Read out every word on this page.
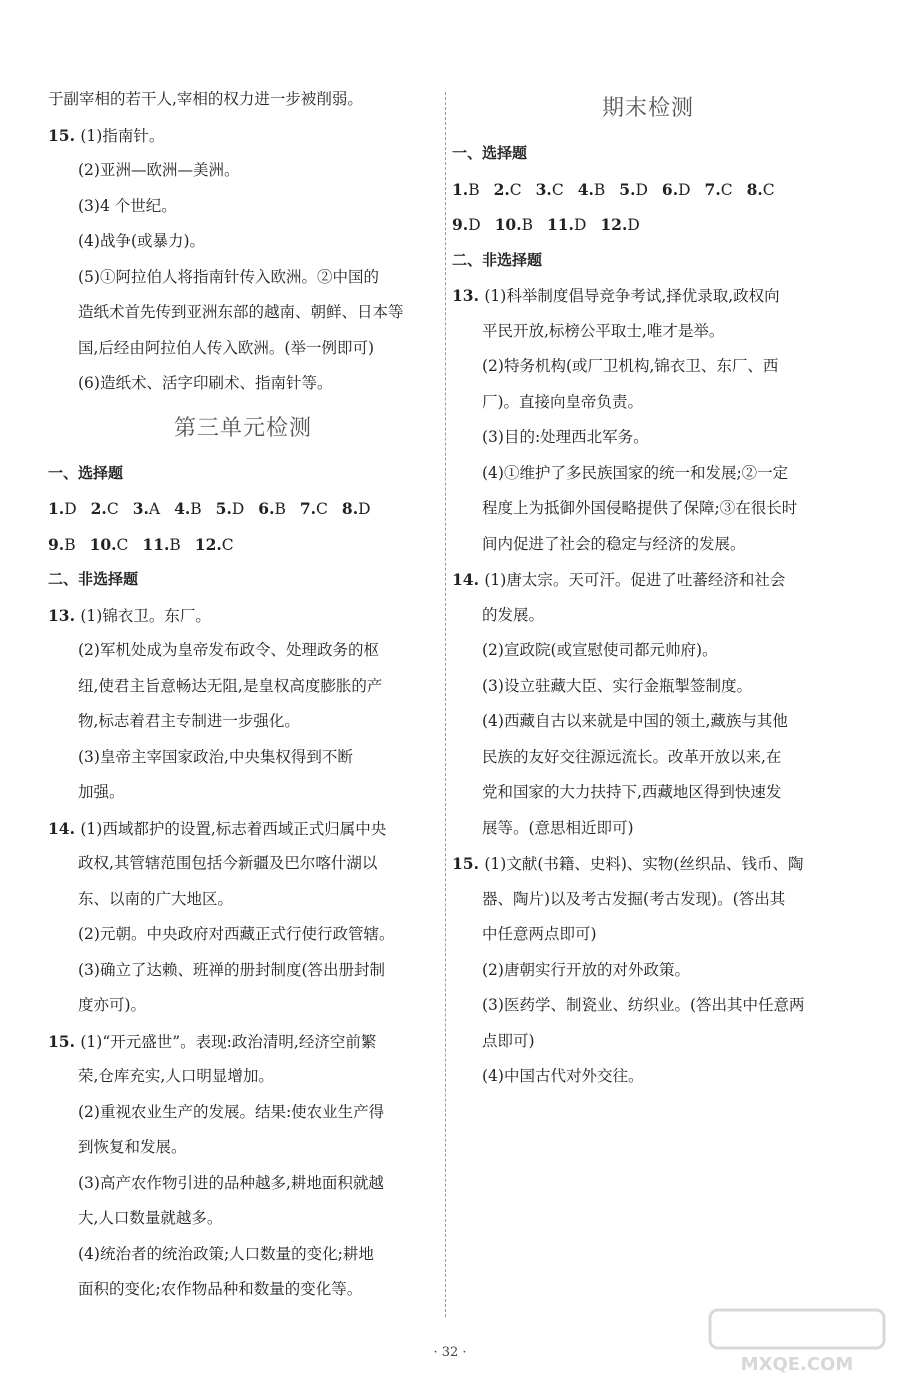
于副宰相的若干人,宰相的权力进一步被削弱。
15. (1)指南针。
(2)亚洲—欧洲—美洲。
(3)4 个世纪。
(4)战争(或暴力)。
(5)①阿拉伯人将指南针传入欧洲。②中国的
造纸术首先传到亚洲东部的越南、朝鲜、日本等
国,后经由阿拉伯人传入欧洲。(举一例即可)
(6)造纸术、活字印刷术、指南针等。
第三单元检测
一、选择题
1.D 2.C 3.A 4.B 5.D 6.B 7.C 8.D
9.B 10.C 11.B 12.C
二、非选择题
13. (1)锦衣卫。东厂。
(2)军机处成为皇帝发布政令、处理政务的枢
纽,使君主旨意畅达无阻,是皇权高度膨胀的产
物,标志着君主专制进一步强化。
(3)皇帝主宰国家政治,中央集权得到不断
加强。
14. (1)西域都护的设置,标志着西域正式归属中央
政权,其管辖范围包括今新疆及巴尔喀什湖以
东、以南的广大地区。
(2)元朝。中央政府对西藏正式行使行政管辖。
(3)确立了达赖、班禅的册封制度(答出册封制
度亦可)。
15. (1)“开元盛世”。表现:政治清明,经济空前繁
荣,仓库充实,人口明显增加。
(2)重视农业生产的发展。结果:使农业生产得
到恢复和发展。
(3)高产农作物引进的品种越多,耕地面积就越
大,人口数量就越多。
(4)统治者的统治政策;人口数量的变化;耕地
面积的变化;农作物品种和数量的变化等。
期末检测
一、选择题
1.B 2.C 3.C 4.B 5.D 6.D 7.C 8.C
9.D 10.B 11.D 12.D
二、非选择题
13. (1)科举制度倡导竞争考试,择优录取,政权向
平民开放,标榜公平取士,唯才是举。
(2)特务机构(或厂卫机构,锦衣卫、东厂、西
厂)。直接向皇帝负责。
(3)目的:处理西北军务。
(4)①维护了多民族国家的统一和发展;②一定
程度上为抵御外国侵略提供了保障;③在很长时
间内促进了社会的稳定与经济的发展。
14. (1)唐太宗。天可汗。促进了吐蕃经济和社会
的发展。
(2)宣政院(或宣慰使司都元帅府)。
(3)设立驻藏大臣、实行金瓶掣签制度。
(4)西藏自古以来就是中国的领土,藏族与其他
民族的友好交往源远流长。改革开放以来,在
党和国家的大力扶持下,西藏地区得到快速发
展等。(意思相近即可)
15. (1)文献(书籍、史料)、实物(丝织品、钱币、陶
器、陶片)以及考古发掘(考古发现)。(答出其
中任意两点即可)
(2)唐朝实行开放的对外政策。
(3)医药学、制瓷业、纺织业。(答出其中任意两
点即可)
(4)中国古代对外交往。
· 32 ·
MXQE.COM
